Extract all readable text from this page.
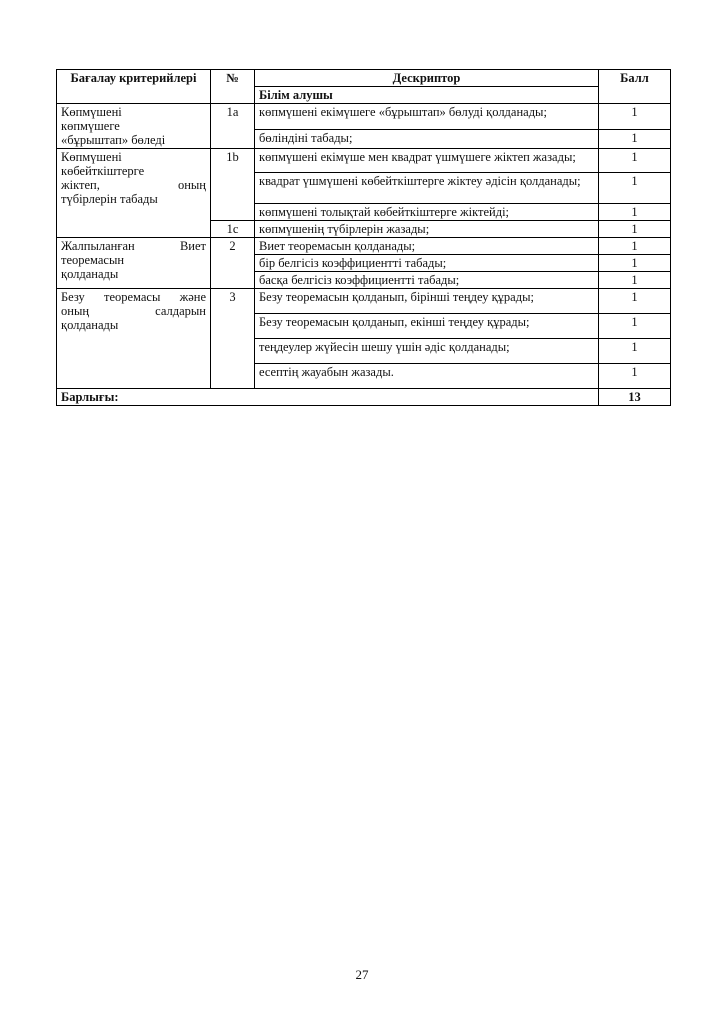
Бағалау критерийлері	№	Дескриптор	Балл
		Білім алушы	

Көпмүшені
көпмүшеге
«бұрыштап» бөледі	1a	көпмүшені екімүшеге «бұрыштап» бөлуді қолданады;	1
		бөліндіні табады;	1

Көпмүшені
көбейткіштерге
жіктеп, оның
түбірлерін табады	1b	көпмүшені екімүше мен квадрат үшмүшеге жіктеп жазады;	1
		квадрат үшмүшені көбейткіштерге жіктеу әдісін қолданады;	1
		көпмүшені толықтай көбейткіштерге жіктейді;	1
	1c	көпмүшенің түбірлерін жазады;	1

Жалпыланған Виет
теоремасын
қолданады	2	Виет теоремасын қолданады;	1
		бір белгісіз коэффициентті табады;	1
		басқа белгісіз коэффициентті табады;	1

Безу теоремасы және
оның салдарын
қолданады	3	Безу теоремасын қолданып, бірінші теңдеу құрады;	1
		Безу теоремасын қолданып, екінші теңдеу құрады;	1
		теңдеулер жүйесін шешу үшін әдіс қолданады;	1
		есептің жауабын жазады.	1
Барлығы:			13
27
